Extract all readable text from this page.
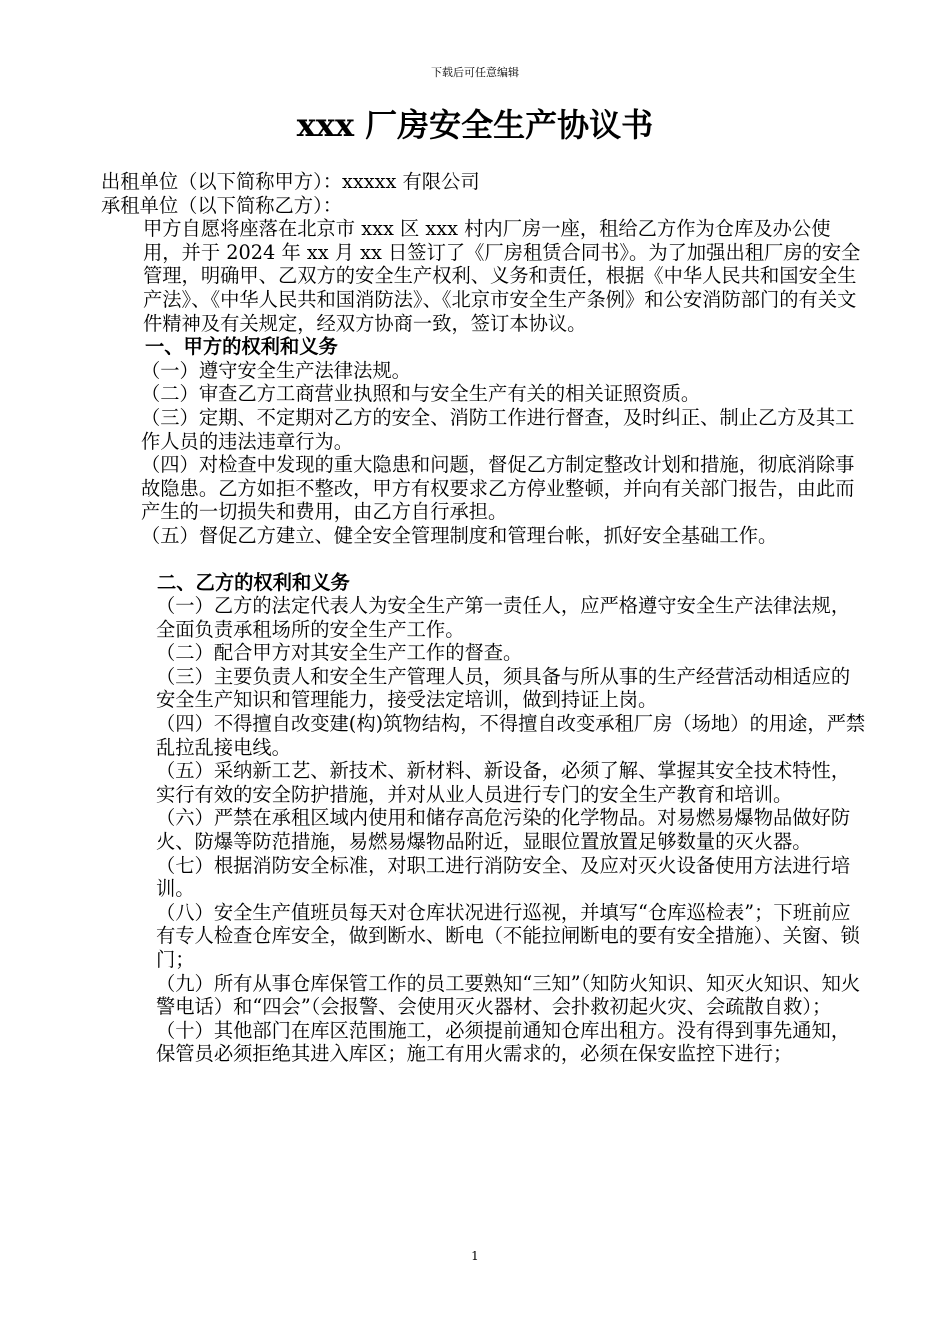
下载后可任意编辑
xxx 厂房安全生产协议书

出租单位（以下简称甲方）：xxxxx 有限公司

承租单位（以下简称乙方）：

甲方自愿将座落在北京市 xxx 区 xxx 村内厂房一座，租给乙方作为仓库及办公使用，并于 2024 年 xx 月 xx 日签订了《厂房租赁合同书》。为了加强出租厂房的安全管理，明确甲、乙双方的安全生产权利、义务和责任，根据《中华人民共和国安全生产法》、《中华人民共和国消防法》、《北京市安全生产条例》和公安消防部门的有关文件精神及有关规定，经双方协商一致，签订本协议。

一、甲方的权利和义务

（一）遵守安全生产法律法规。

（二）审查乙方工商营业执照和与安全生产有关的相关证照资质。

（三）定期、不定期对乙方的安全、消防工作进行督查，及时纠正、制止乙方及其工作人员的违法违章行为。

（四）对检查中发现的重大隐患和问题，督促乙方制定整改计划和措施，彻底消除事故隐患。乙方如拒不整改，甲方有权要求乙方停业整顿，并向有关部门报告，由此而产生的一切损失和费用，由乙方自行承担。

（五）督促乙方建立、健全安全管理制度和管理台帐，抓好安全基础工作。

二、乙方的权利和义务

（一）乙方的法定代表人为安全生产第一责任人，应严格遵守安全生产法律法规，全面负责承租场所的安全生产工作。

（二）配合甲方对其安全生产工作的督查。

（三）主要负责人和安全生产管理人员，须具备与所从事的生产经营活动相适应的安全生产知识和管理能力，接受法定培训，做到持证上岗。

（四）不得擅自改变建(构)筑物结构，不得擅自改变承租厂房（场地）的用途，严禁乱拉乱接电线。

（五）采纳新工艺、新技术、新材料、新设备，必须了解、掌握其安全技术特性，实行有效的安全防护措施，并对从业人员进行专门的安全生产教育和培训。

（六）严禁在承租区域内使用和储存高危污染的化学物品。对易燃易爆物品做好防火、防爆等防范措施，易燃易爆物品附近，显眼位置放置足够数量的灭火器。

（七）根据消防安全标准，对职工进行消防安全、及应对灭火设备使用方法进行培训。

（八）安全生产值班员每天对仓库状况进行巡视，并填写“仓库巡检表”；下班前应有专人检查仓库安全，做到断水、断电（不能拉闸断电的要有安全措施）、关窗、锁门；

（九）所有从事仓库保管工作的员工要熟知“三知”（知防火知识、知灭火知识、知火警电话）和“四会”（会报警、会使用灭火器材、会扑救初起火灾、会疏散自救）；

（十）其他部门在库区范围施工，必须提前通知仓库出租方。没有得到事先通知，保管员必须拒绝其进入库区；施工有用火需求的，必须在保安监控下进行；

1
